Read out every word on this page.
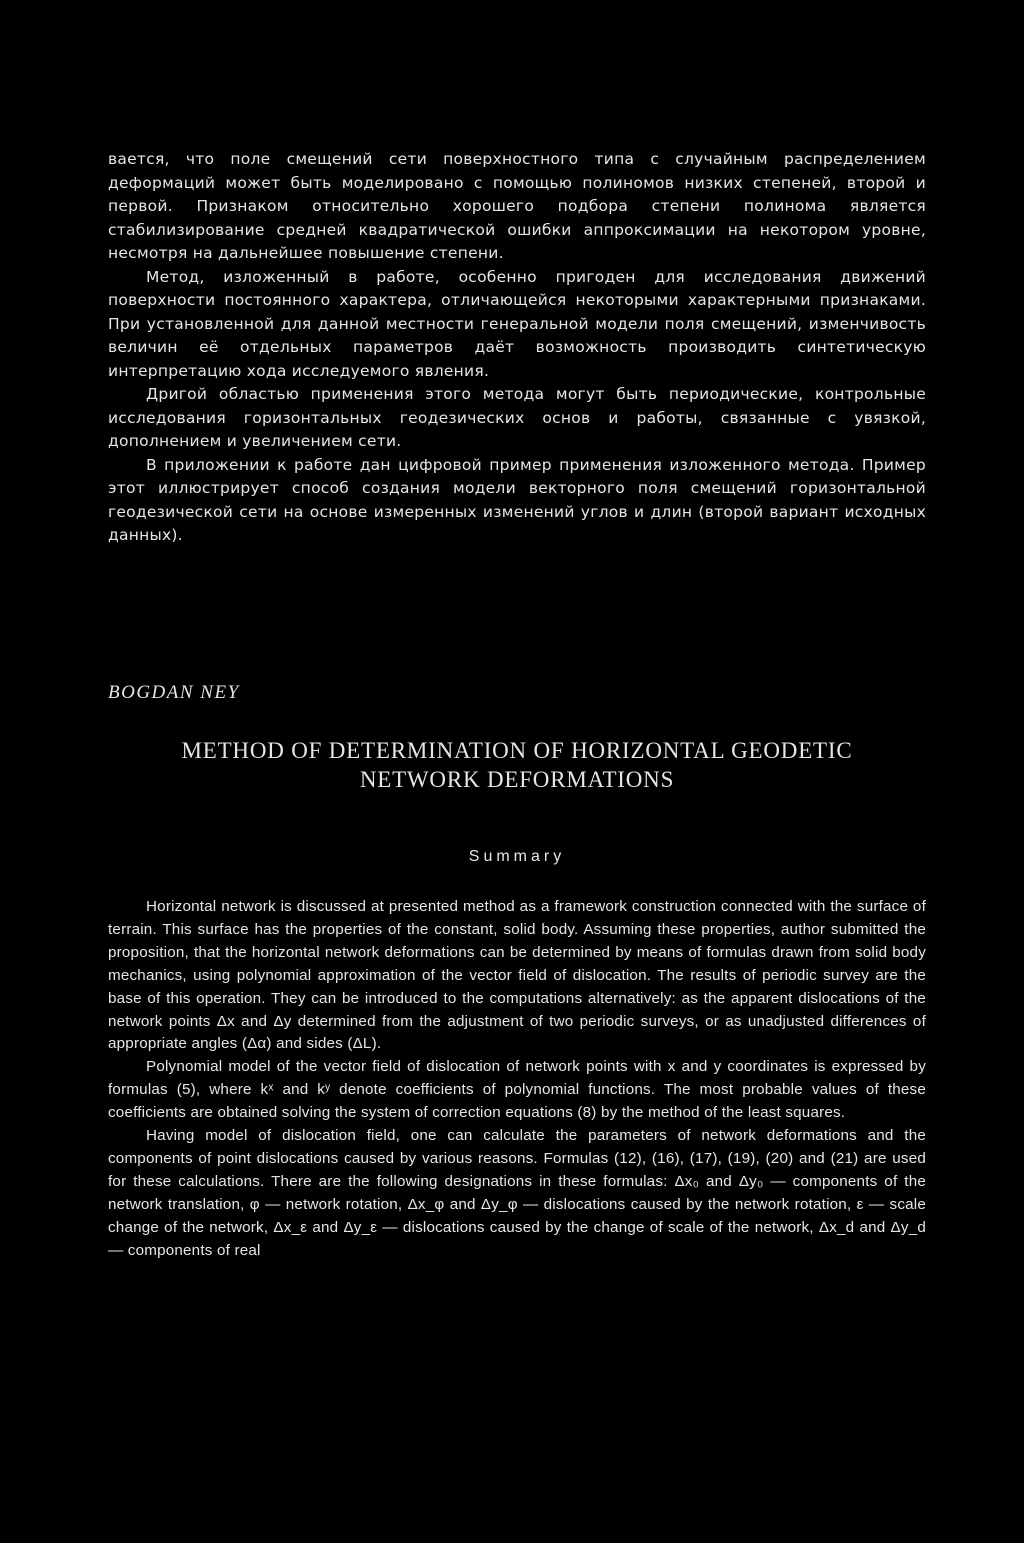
вается, что поле смещений сети поверхностного типа с случайным распределением деформаций может быть моделировано с помощью полиномов низких степеней, второй и первой. Признаком относительно хорошего подбора степени полинома является стабилизирование средней квадратической ошибки аппроксимации на некотором уровне, несмотря на дальнейшее повышение степени.

Метод, изложенный в работе, особенно пригоден для исследования движений поверхности постоянного характера, отличающейся некоторыми характерными признаками. При установленной для данной местности генеральной модели поля смещений, изменчивость величин её отдельных параметров даёт возможность производить синтетическую интерпретацию хода исследуемого явления.

Дригой областью применения этого метода могут быть периодические, контрольные исследования горизонтальных геодезических основ и работы, связанные с увязкой, дополнением и увеличением сети.

В приложении к работе дан цифровой пример применения изложенного метода. Пример этот иллюстрирует способ создания модели векторного поля смещений горизонтальной геодезической сети на основе измеренных изменений углов и длин (второй вариант исходных данных).

BOGDAN NEY
METHOD OF DETERMINATION OF HORIZONTAL GEODETIC
NETWORK DEFORMATIONS
Summary

Horizontal network is discussed at presented method as a framework construction connected with the surface of terrain. This surface has the properties of the constant, solid body. Assuming these properties, author submitted the proposition, that the horizontal network deformations can be determined by means of formulas drawn from solid body mechanics, using polynomial approximation of the vector field of dislocation. The results of periodic survey are the base of this operation. They can be introduced to the computations alternatively: as the apparent dislocations of the network points Δx and Δy determined from the adjustment of two periodic surveys, or as unadjusted differences of appropriate angles (Δα) and sides (ΔL).

Polynomial model of the vector field of dislocation of network points with x and y coordinates is expressed by formulas (5), where kˣ and kʸ denote coefficients of polynomial functions. The most probable values of these coefficients are obtained solving the system of correction equations (8) by the method of the least squares.

Having model of dislocation field, one can calculate the parameters of network deformations and the components of point dislocations caused by various reasons. Formulas (12), (16), (17), (19), (20) and (21) are used for these calculations. There are the following designations in these formulas: Δx₀ and Δy₀ — components of the network translation, φ — network rotation, Δx_φ and Δy_φ — dislocations caused by the network rotation, ε — scale change of the network, Δx_ε and Δy_ε — dislocations caused by the change of scale of the network, Δx_d and Δy_d — components of real
